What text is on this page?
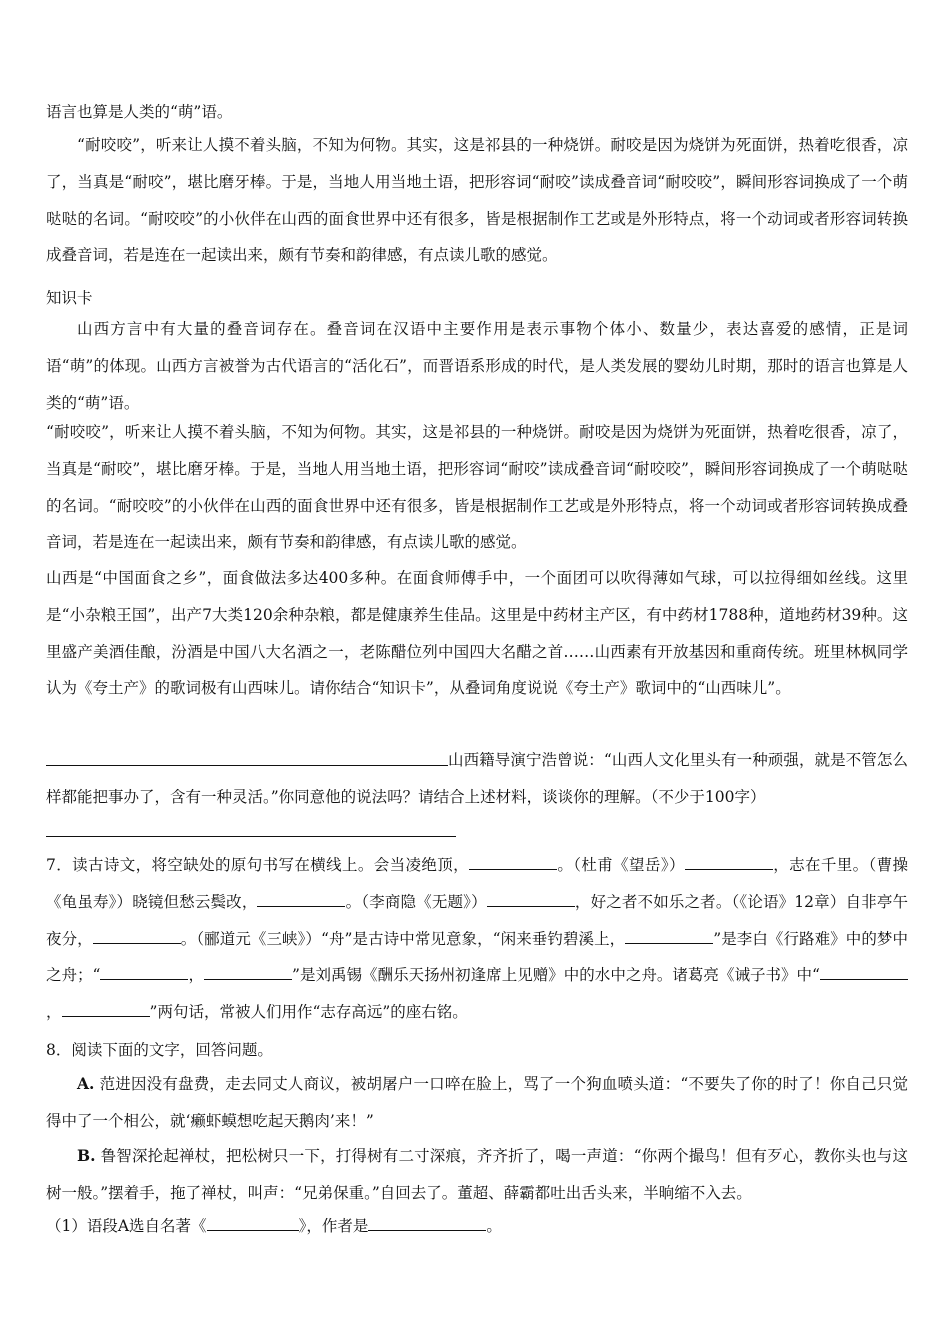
语言也算是人类的“萌”语。

“耐咬咬”，听来让人摸不着头脑，不知为何物。其实，这是祁县的一种烧饼。耐咬是因为烧饼为死面饼，热着吃很香，凉了，当真是“耐咬”，堪比磨牙棒。于是，当地人用当地土语，把形容词“耐咬”读成叠音词“耐咬咬”，瞬间形容词换成了一个萌哒哒的名词。“耐咬咬”的小伙伴在山西的面食世界中还有很多，皆是根据制作工艺或是外形特点，将一个动词或者形容词转换成叠音词，若是连在一起读出来，颇有节奏和韵律感，有点读儿歌的感觉。

知识卡

山西方言中有大量的叠音词存在。叠音词在汉语中主要作用是表示事物个体小、数量少，表达喜爱的感情，正是词语“萌”的体现。山西方言被誉为古代语言的“活化石”，而晋语系形成的时代，是人类发展的婴幼儿时期，那时的语言也算是人类的“萌”语。

“耐咬咬”，听来让人摸不着头脑，不知为何物。其实，这是祁县的一种烧饼。耐咬是因为烧饼为死面饼，热着吃很香，凉了，当真是“耐咬”，堪比磨牙棒。于是，当地人用当地土语，把形容词“耐咬”读成叠音词“耐咬咬”，瞬间形容词换成了一个萌哒哒的名词。“耐咬咬”的小伙伴在山西的面食世界中还有很多，皆是根据制作工艺或是外形特点，将一个动词或者形容词转换成叠音词，若是连在一起读出来，颇有节奏和韵律感，有点读儿歌的感觉。

山西是“中国面食之乡”，面食做法多达400多种。在面食师傅手中，一个面团可以吹得薄如气球，可以拉得细如丝线。这里是“小杂粮王国”，出产7大类120余种杂粮，都是健康养生佳品。这里是中药材主产区，有中药材1788种，道地药材39种。这里盛产美酒佳酿，汾酒是中国八大名酒之一，老陈醋位列中国四大名醋之首……山西素有开放基因和重商传统。班里林枫同学认为《夸土产》的歌词极有山西味儿。请你结合“知识卡”，从叠词角度说说《夸土产》歌词中的“山西味儿”。

山西籍导演宁浩曾说：“山西人文化里头有一种顽强，就是不管怎么样都能把事办了，含有一种灵活。”你同意他的说法吗？请结合上述材料，谈谈你的理解。（不少于100字）

7．读古诗文，将空缺处的原句书写在横线上。会当凌绝顶，	。（杜甫《望岳》）	，志在千里。（曹操《龟虽寿》）晓镜但愁云鬓改，	。（李商隐《无题》）	，好之者不如乐之者。（《论语》12章）自非亭午夜分，	。（郦道元《三峡》）“舟”是古诗中常见意象，“闲来垂钓碧溪上，	”是李白《行路难》中的梦中之舟；“	，	”是刘禹锡《酬乐天扬州初逢席上见赠》中的水中之舟。诸葛亮《诫子书》中“，	”两句话，常被人们用作“志存高远”的座右铭。

8．阅读下面的文字，回答问题。

A. 范进因没有盘费，走去同丈人商议，被胡屠户一口啐在脸上，骂了一个狗血喷头道：“不要失了你的时了！你自己只觉得中了一个相公，就‘癞虾蟆想吃起天鹅肉’来！”

B. 鲁智深抡起禅杖，把松树只一下，打得树有二寸深痕，齐齐折了，喝一声道：“你两个撮鸟！但有歹心，教你头也与这树一般。”摆着手，拖了禅杖，叫声：“兄弟保重。”自回去了。董超、薛霸都吐出舌头来，半晌缩不入去。

（1）语段A选自名著《	》，作者是	。
